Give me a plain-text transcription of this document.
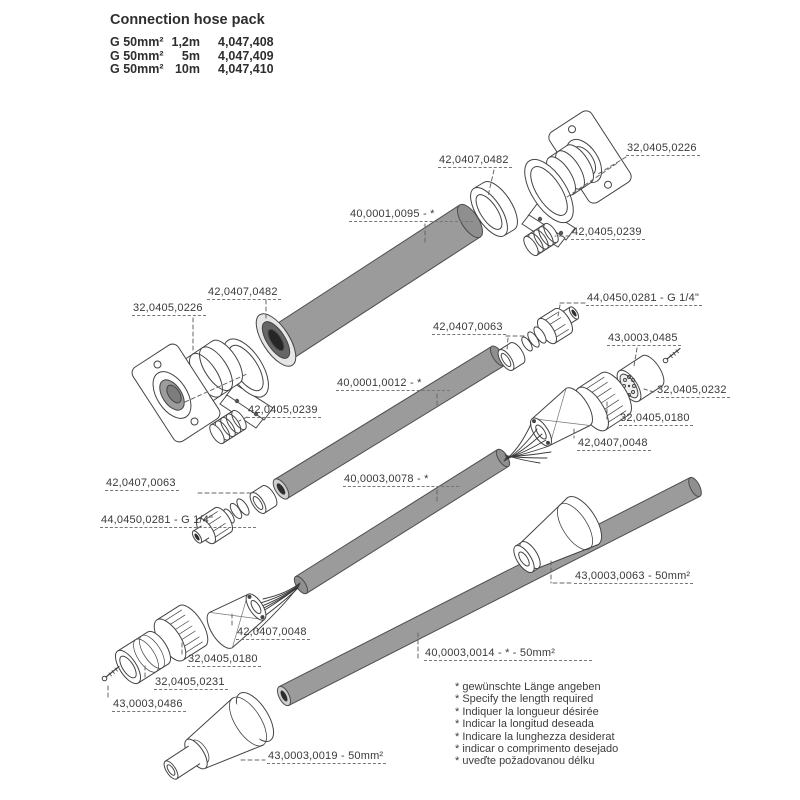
Connection hose pack
G 50mm² 1,2m 4,047,408
G 50mm²	5m 4,047,409
G 50mm² 10m 4,047,410
40,0001,0095 - *
42,0407,0482
32,0405,0226
42,0405,0239
42,0407,0482
32,0405,0226
42,0405,0239
40,0001,0012 - *
42,0407,0063
44,0450,0281 - G 1/4"
42,0407,0063
44,0450,0281 - G 1/4"
40,0003,0078 - *
43,0003,0485
32,0405,0232
32,0405,0180
42,0407,0048
42,0407,0048
32,0405,0180
32,0405,0231
43,0003,0486
40,0003,0014 - * - 50mm²
43,0003,0063 - 50mm²
43,0003,0019 - 50mm²
* gewünschte Länge angeben
* Specify the length required
* Indiquer la longueur désirée
* Indicar la longitud deseada
* Indicare la lunghezza desiderat
* indicar o comprimento desejado
* uveďte požadovanou délku
